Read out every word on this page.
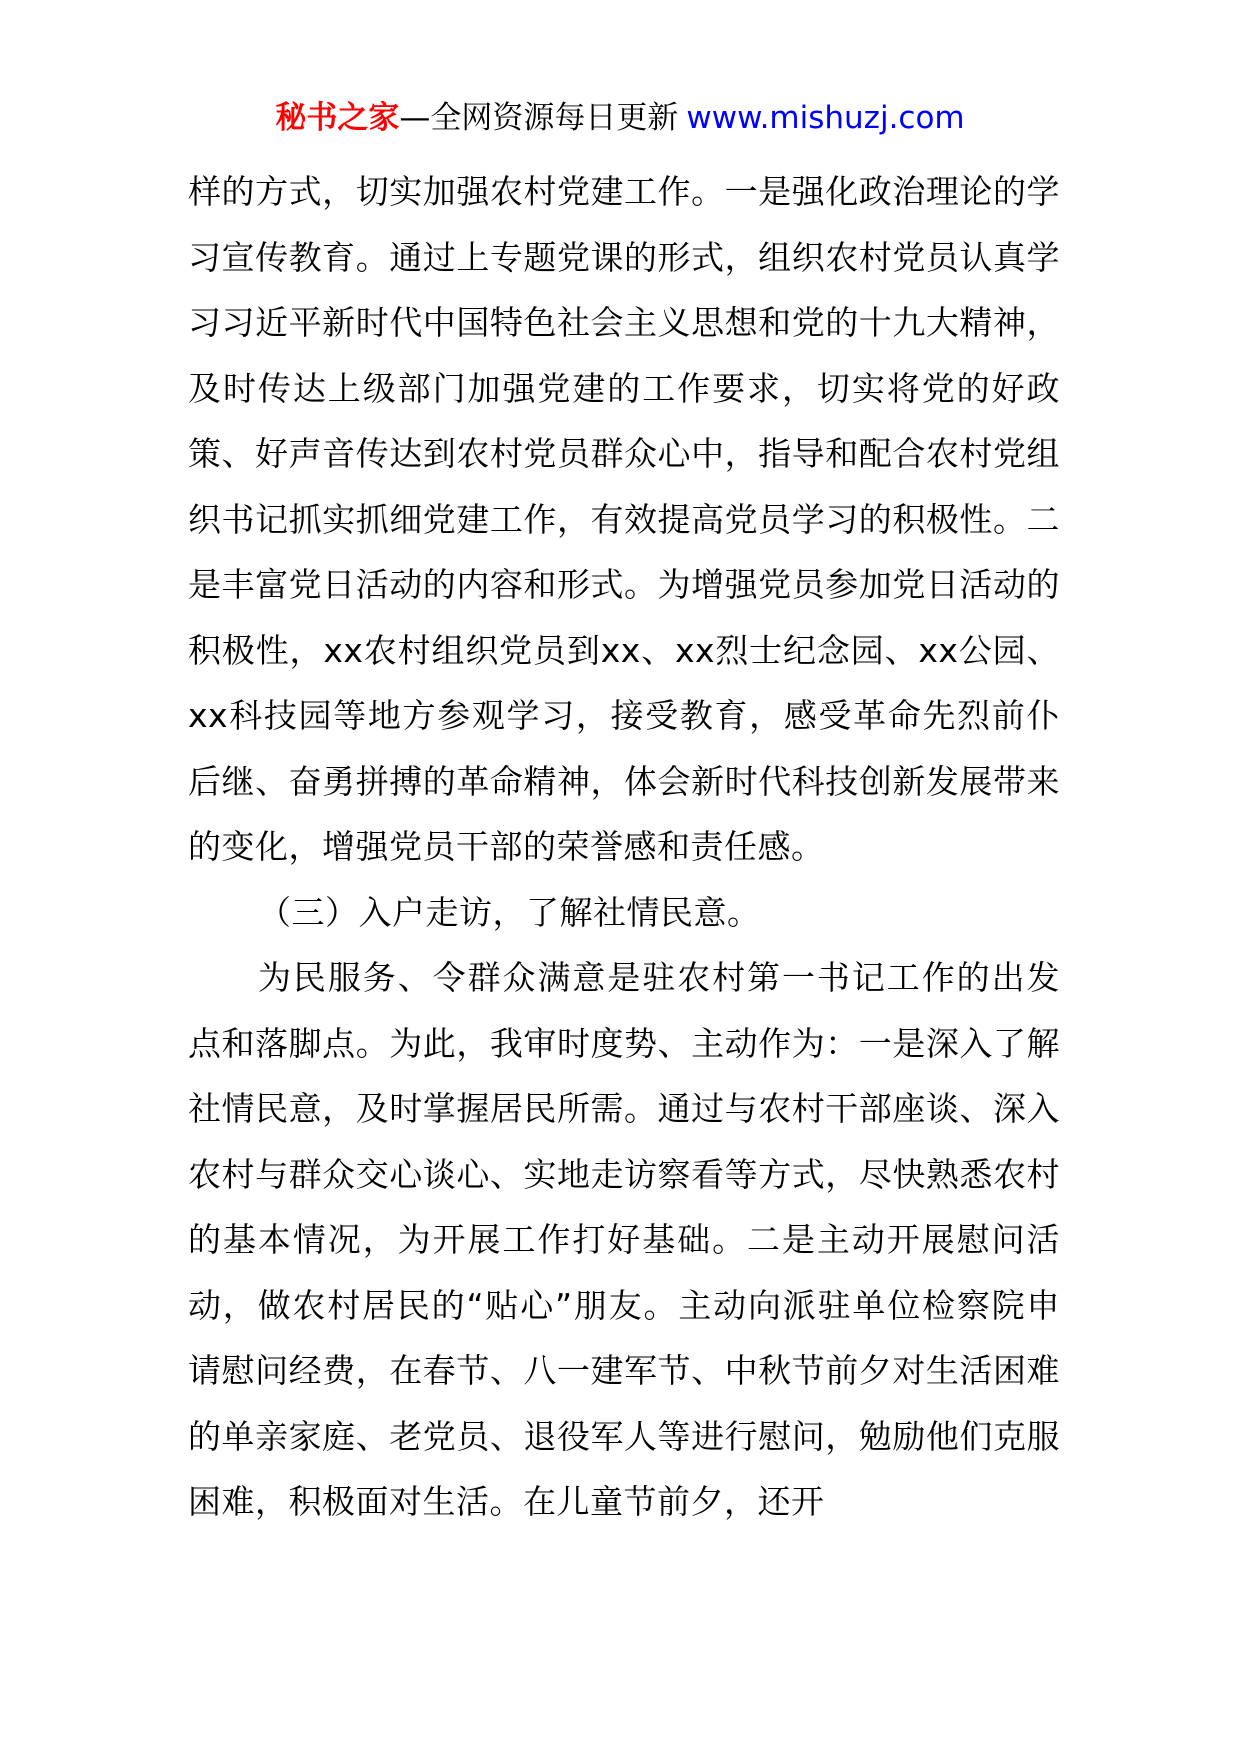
秘书之家—全网资源每日更新 www.mishuzj.com

样的方式，切实加强农村党建工作。一是强化政治理论的学习宣传教育。通过上专题党课的形式，组织农村党员认真学习习近平新时代中国特色社会主义思想和党的十九大精神，及时传达上级部门加强党建的工作要求，切实将党的好政策、好声音传达到农村党员群众心中，指导和配合农村党组织书记抓实抓细党建工作，有效提高党员学习的积极性。二是丰富党日活动的内容和形式。为增强党员参加党日活动的积极性，xx农村组织党员到xx、xx烈士纪念园、xx公园、xx科技园等地方参观学习，接受教育，感受革命先烈前仆后继、奋勇拼搏的革命精神，体会新时代科技创新发展带来的变化，增强党员干部的荣誉感和责任感。

（三）入户走访，了解社情民意。

为民服务、令群众满意是驻农村第一书记工作的出发点和落脚点。为此，我审时度势、主动作为：一是深入了解社情民意，及时掌握居民所需。通过与农村干部座谈、深入农村与群众交心谈心、实地走访察看等方式，尽快熟悉农村的基本情况，为开展工作打好基础。二是主动开展慰问活动，做农村居民的“贴心”朋友。主动向派驻单位检察院申请慰问经费，在春节、八一建军节、中秋节前夕对生活困难的单亲家庭、老党员、退役军人等进行慰问，勉励他们克服困难，积极面对生活。在儿童节前夕，还开
